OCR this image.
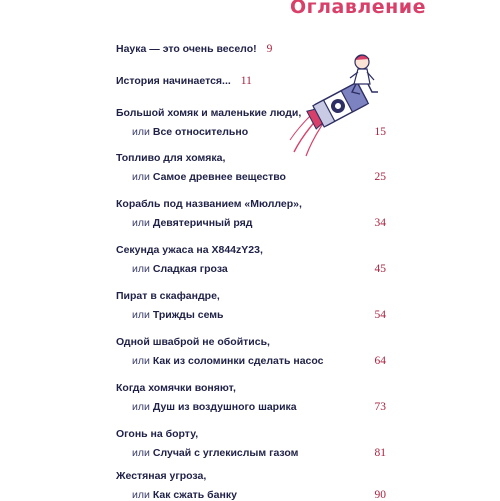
Оглавление
Наука — это очень весело! 9
История начинается... 11
Большой хомяк и маленькие люди,
или Все относительно	15
Топливо для хомяка,
или Самое древнее вещество	25
Корабль под названием «Мюллер»,
или Девятеричный ряд	34
Секунда ужаса на X844zY23,
или Сладкая гроза	45
Пират в скафандре,
или Трижды семь	54
Одной шваброй не обойтись,
или Как из соломинки сделать насос	64
Когда хомячки воняют,
или Душ из воздушного шарика	73
Огонь на борту,
или Случай с углекислым газом	81
Жестяная угроза,
или Как сжать банку	90
